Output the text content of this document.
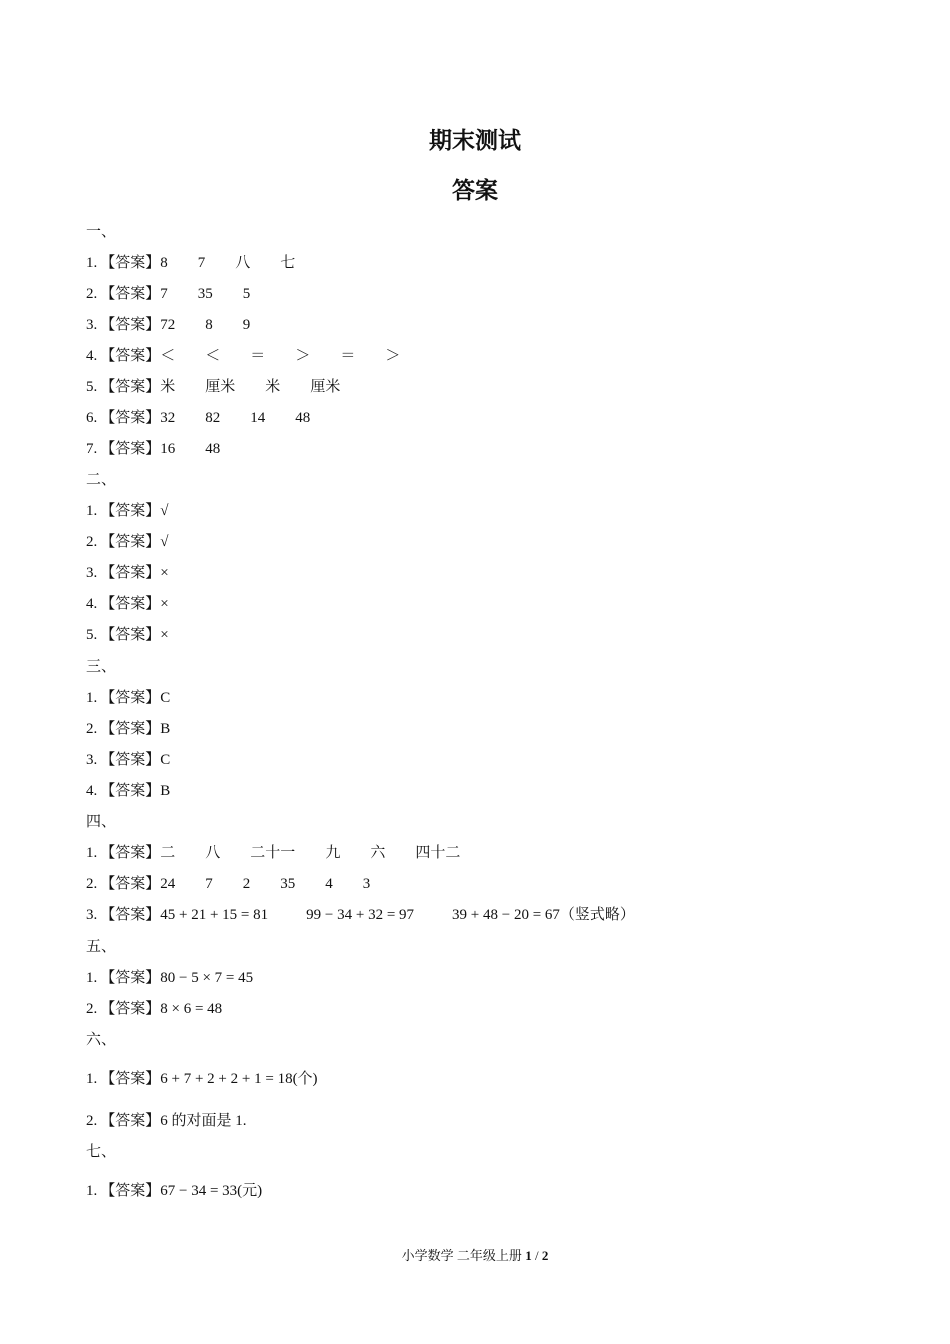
期末测试
答案
一、
1. 【答案】8 7 八 七
2. 【答案】7 35 5
3. 【答案】72 8 9
4. 【答案】＜ ＜ ＝ ＞ ＝ ＞
5. 【答案】米 厘米 米 厘米
6. 【答案】32 82 14 48
7. 【答案】16 48
二、
1. 【答案】√
2. 【答案】√
3. 【答案】×
4. 【答案】×
5. 【答案】×
三、
1. 【答案】C
2. 【答案】B
3. 【答案】C
4. 【答案】B
四、
1. 【答案】二 八 二十一 九 六 四十二
2. 【答案】24 7 2 35 4 3
3. 【答案】45 + 21 + 15 = 81	99 − 34 + 32 = 97	39 + 48 − 20 = 67（竖式略）
五、
1. 【答案】80 − 5 × 7 = 45
2. 【答案】8 × 6 = 48
六、
1. 【答案】6 + 7 + 2 + 2 + 1 = 18(个)
2. 【答案】6 的对面是 1.
七、
1. 【答案】67 − 34 = 33(元)
小学数学 二年级上册 1 / 2
